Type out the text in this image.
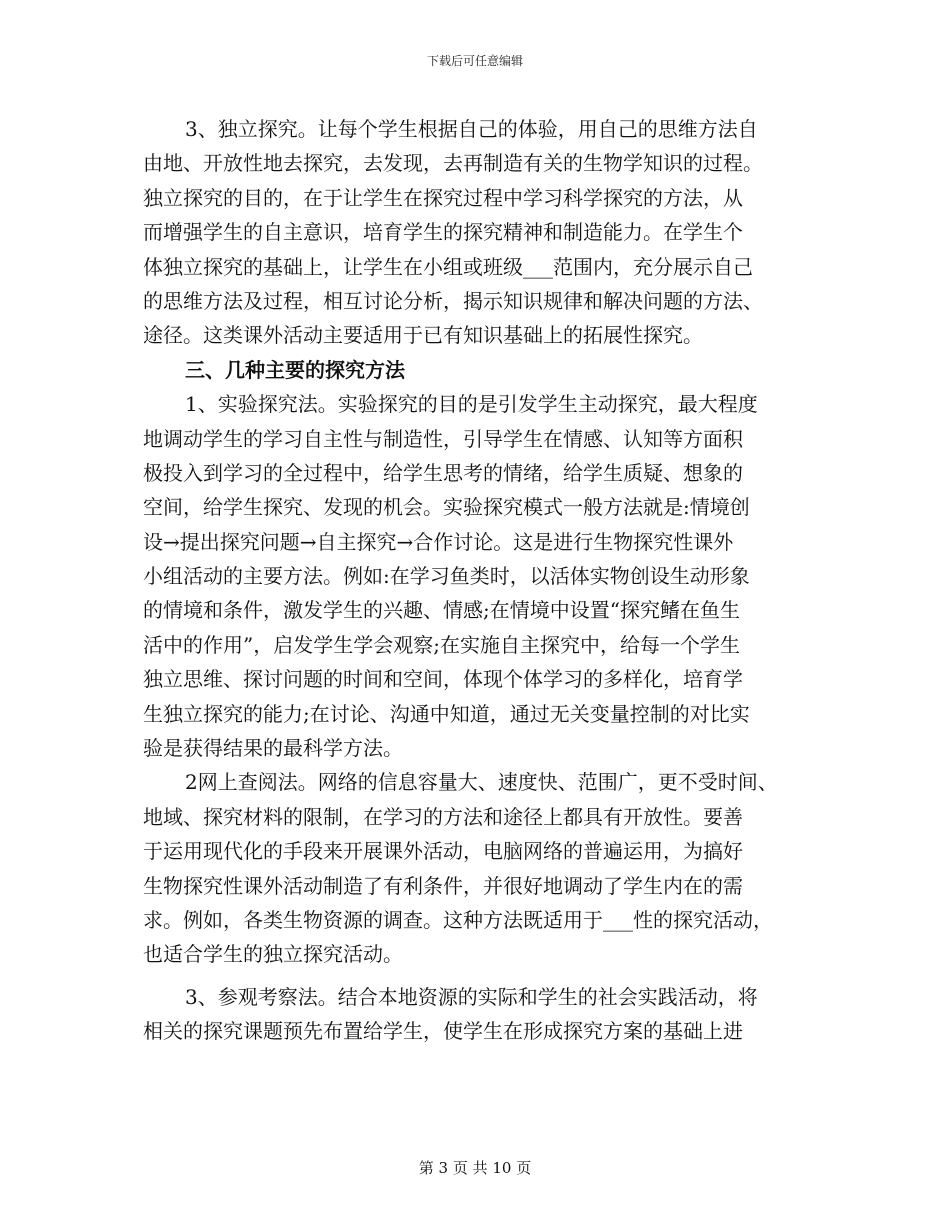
下载后可任意编辑
3、独立探究。让每个学生根据自己的体验，用自己的思维方法自
由地、开放性地去探究，去发现，去再制造有关的生物学知识的过程。
独立探究的目的，在于让学生在探究过程中学习科学探究的方法，从
而增强学生的自主意识，培育学生的探究精神和制造能力。在学生个
体独立探究的基础上，让学生在小组或班级___范围内，充分展示自己
的思维方法及过程，相互讨论分析，揭示知识规律和解决问题的方法、
途径。这类课外活动主要适用于已有知识基础上的拓展性探究。
三、几种主要的探究方法
1、实验探究法。实验探究的目的是引发学生主动探究，最大程度
地调动学生的学习自主性与制造性，引导学生在情感、认知等方面积
极投入到学习的全过程中，给学生思考的情绪，给学生质疑、想象的
空间，给学生探究、发现的机会。实验探究模式一般方法就是:情境创
设→提出探究问题→自主探究→合作讨论。这是进行生物探究性课外
小组活动的主要方法。例如:在学习鱼类时，以活体实物创设生动形象
的情境和条件，激发学生的兴趣、情感;在情境中设置“探究鳍在鱼生
活中的作用”，启发学生学会观察;在实施自主探究中，给每一个学生
独立思维、探讨问题的时间和空间，体现个体学习的多样化，培育学
生独立探究的能力;在讨论、沟通中知道，通过无关变量控制的对比实
验是获得结果的最科学方法。
2网上查阅法。网络的信息容量大、速度快、范围广，更不受时间、
地域、探究材料的限制，在学习的方法和途径上都具有开放性。要善
于运用现代化的手段来开展课外活动，电脑网络的普遍运用，为搞好
生物探究性课外活动制造了有利条件，并很好地调动了学生内在的需
求。例如，各类生物资源的调查。这种方法既适用于___性的探究活动，
也适合学生的独立探究活动。
3、参观考察法。结合本地资源的实际和学生的社会实践活动，将
相关的探究课题预先布置给学生，使学生在形成探究方案的基础上进
第 3 页 共 10 页
